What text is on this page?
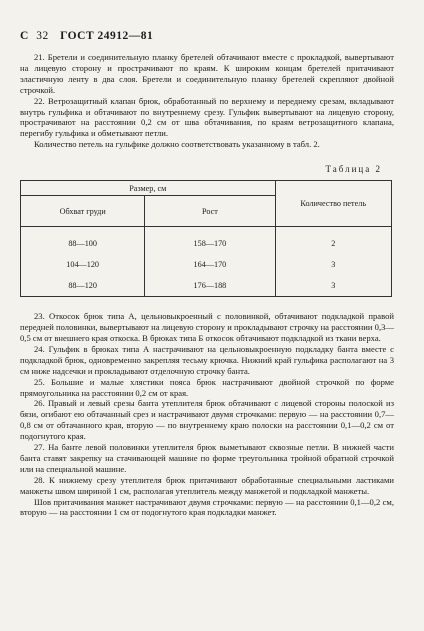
С 32 ГОСТ 24912—81

21. Бретели и соединительную планку бретелей обтачивают вместе с прокладкой, вывертывают на лицевую сторону и прострачивают по краям. К широким концам бретелей притачивают эластичную ленту в два слоя. Бретели и соединительную планку бретелей скрепляют двойной строчкой.

22. Ветрозащитный клапан брюк, обработанный по верхнему и переднему срезам, вкладывают внутрь гульфика и обтачивают по внутреннему срезу. Гульфик вывертывают на лицевую сторону, прострачивают на расстоянии 0,2 см от шва обтачивания, по краям ветрозащитного клапана, перегибу гульфика и обметывают петли.

Количество петель на гульфике должно соответствовать указанному в табл. 2.

Таблица 2
Размер, см		Количество петель
Обхват груди	Рост	
88—100	158—170	2
104—120	164—170	3
88—120	176—188	3

23. Откосок брюк типа А, цельновыкроенный с половинкой, обтачивают подкладкой правой передней половинки, вывертывают на лицевую сторону и прокладывают строчку на расстоянии 0,3—0,5 см от внешнего края откоска. В брюках типа Б откосок обтачивают подкладкой из ткани верха.

24. Гульфик в брюках типа А настрачивают на цельновыкроенную подкладку банта вместе с подкладкой брюк, одновременно закрепляя тесьму крючка. Нижний край гульфика располагают на 3 см ниже надсечки и прокладывают отделочную строчку банта.

25. Большие и малые хлястики пояса брюк настрачивают двойной строчкой по форме прямоугольника на расстоянии 0,2 см от края.

26. Правый и левый срезы банта утеплителя брюк обтачивают с лицевой стороны полоской из бязи, огибают ею обтачанный срез и настрачивают двумя строчками: первую — на расстоянии 0,7—0,8 см от обтачанного края, вторую — по внутреннему краю полоски на расстоянии 0,1—0,2 см от подогнутого края.

27. На банте левой половинки утеплителя брюк выметывают сквозные петли. В нижней части банта ставят закрепку на стачивающей машине по форме треугольника тройной обратной строчкой или на специальной машине.

28. К нижнему срезу утеплителя брюк притачивают обработанные специальными ластиками манжеты швом шириной 1 см, располагая утеплитель между манжетой и подкладкой манжеты.

Шов притачивания манжет настрачивают двумя строчками: первую — на расстоянии 0,1—0,2 см, вторую — на расстоянии 1 см от подогнутого края подкладки манжет.
